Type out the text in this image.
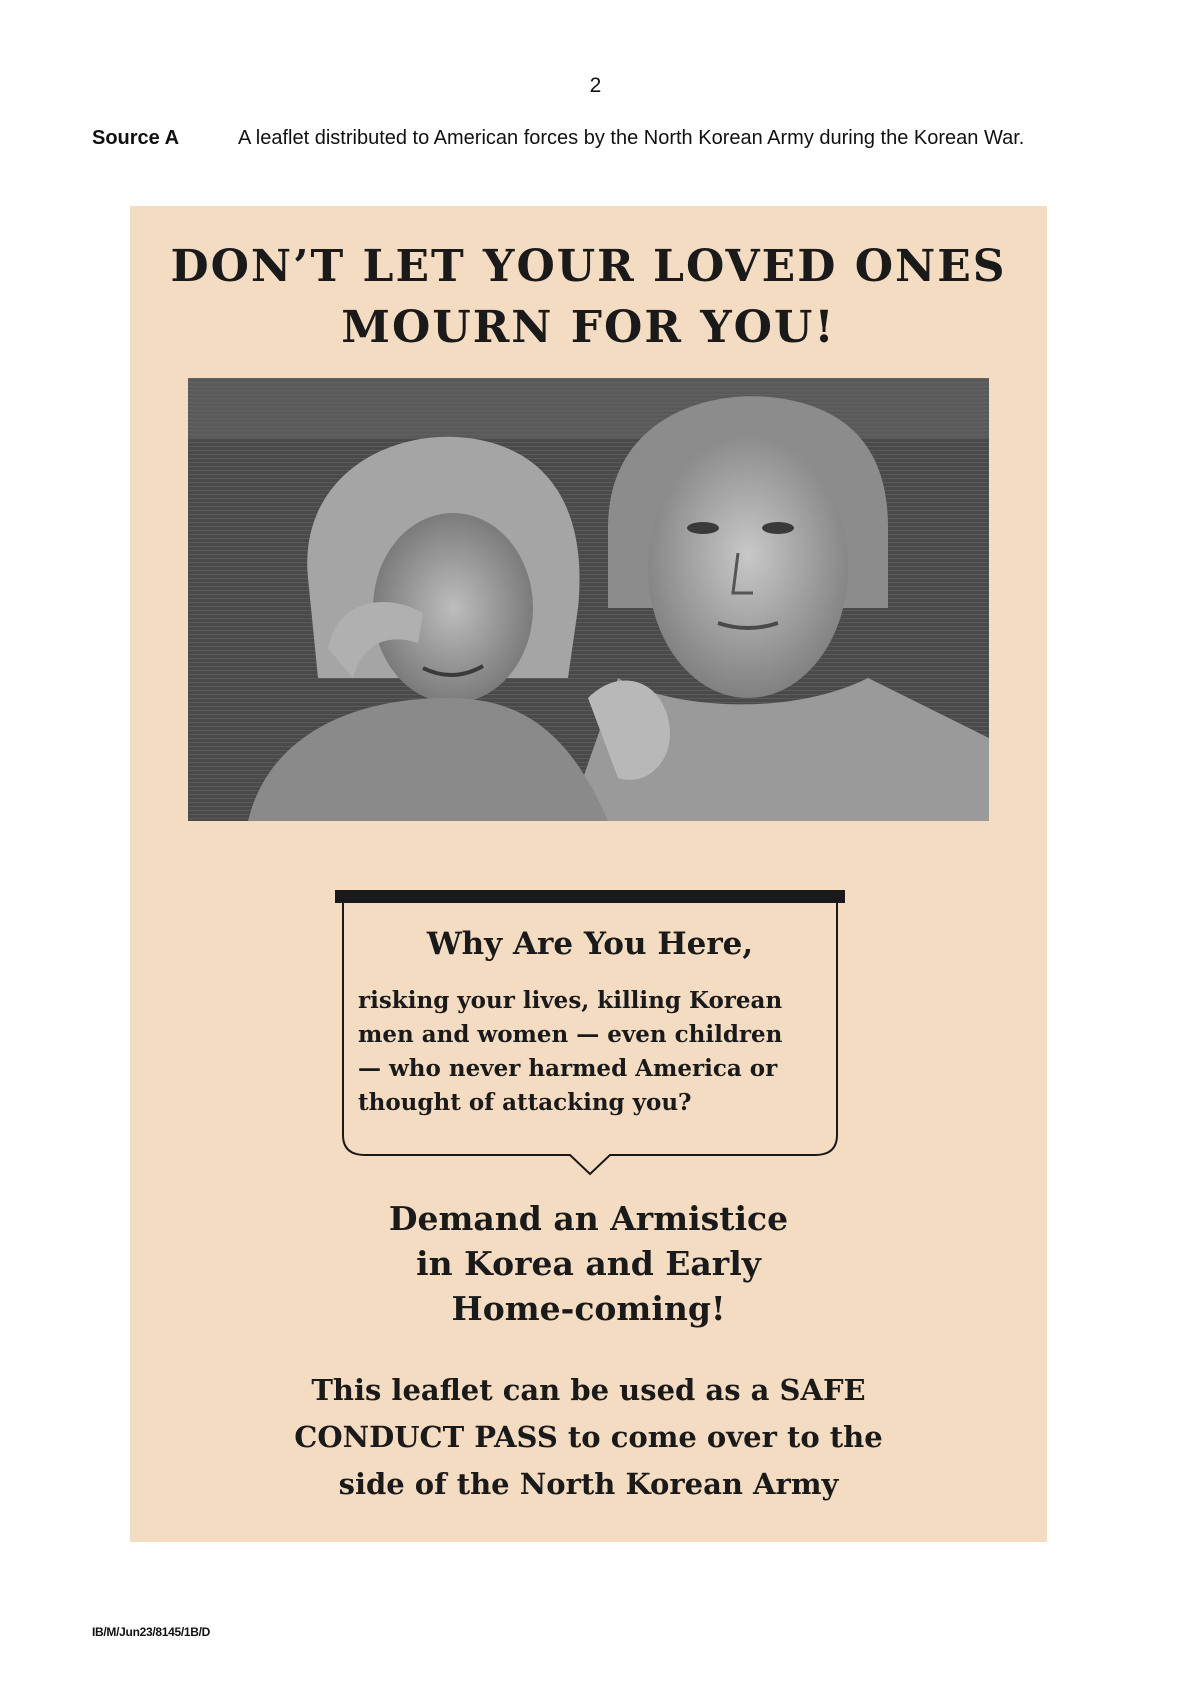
2
Source A	A leaflet distributed to American forces by the North Korean Army during the Korean War.
DON’T LET YOUR LOVED ONES
MOURN FOR YOU!
Why Are You Here,
risking your lives, killing Korean
men and women — even children
— who never harmed America or
thought of attacking you?
Demand an Armistice
in Korea and Early
Home-coming!
This leaflet can be used as a SAFE
CONDUCT PASS to come over to the
side of the North Korean Army
IB/M/Jun23/8145/1B/D
